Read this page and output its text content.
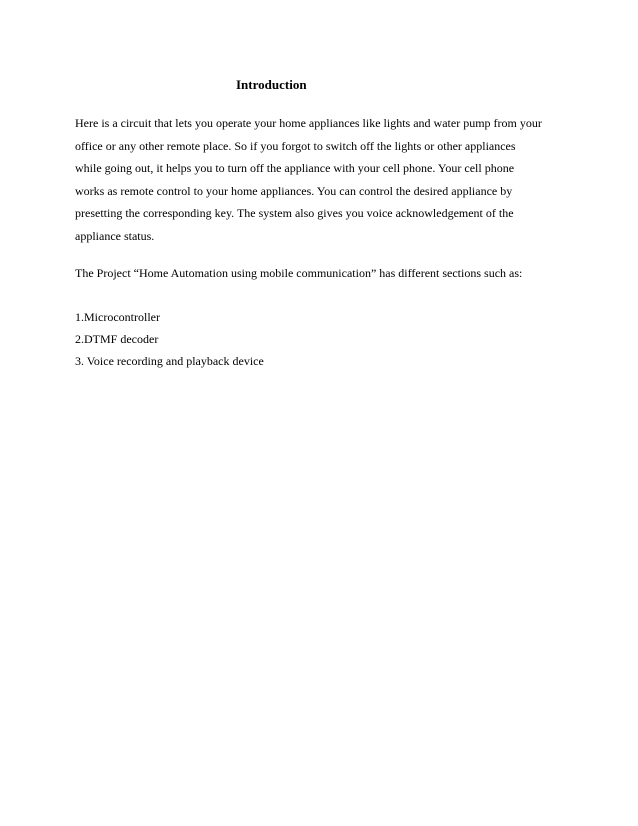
Introduction

Here is a circuit that lets you operate your home appliances like lights and water pump from your
office or any other remote place. So if you forgot to switch off the lights or other appliances
while going out, it helps you to turn off the appliance with your cell phone. Your cell phone
works as remote control to your home appliances. You can control the desired appliance by
presetting the corresponding key. The system also gives you voice acknowledgement of the
appliance status.

The Project “Home Automation using mobile communication” has different sections such as:

1.Microcontroller
2.DTMF decoder
3. Voice recording and playback device
